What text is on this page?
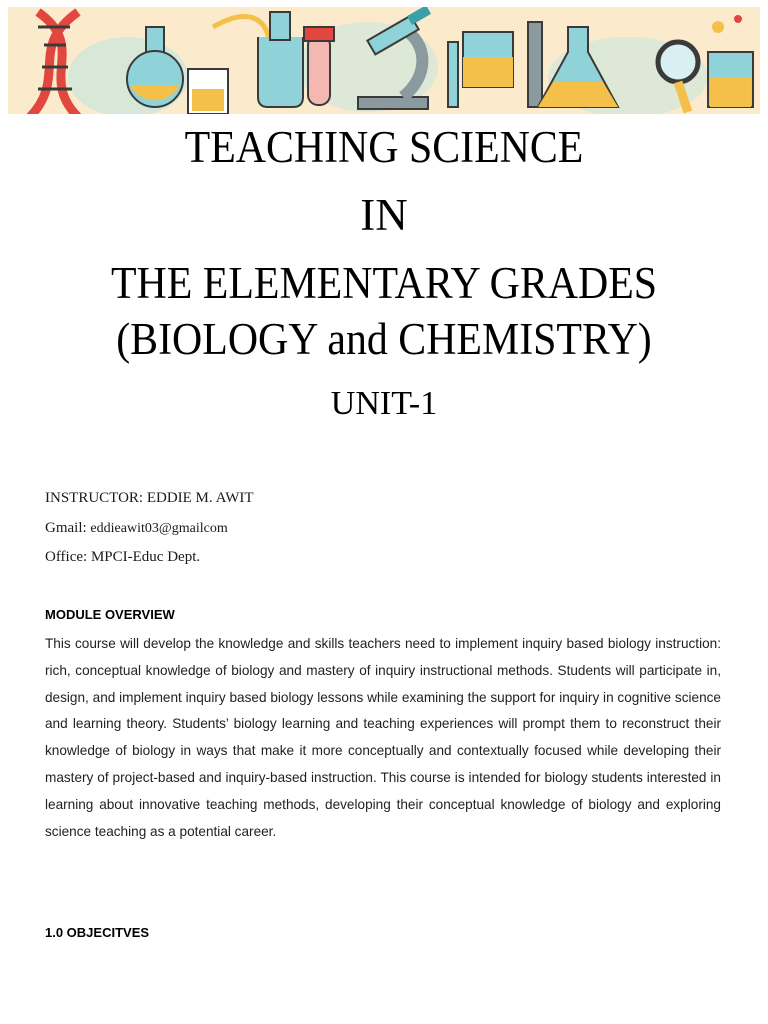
TEACHING SCIENCE
IN
THE ELEMENTARY GRADES
(BIOLOGY and CHEMISTRY)
UNIT-1
INSTRUCTOR: EDDIE M. AWIT
Gmail: eddieawit03@gmailcom
Office: MPCI-Educ Dept.
MODULE OVERVIEW

This course will develop the knowledge and skills teachers need to implement inquiry based biology instruction: rich, conceptual knowledge of biology and mastery of inquiry instructional methods. Students will participate in, design, and implement inquiry based biology lessons while examining the support for inquiry in cognitive science and learning theory. Students’ biology learning and teaching experiences will prompt them to reconstruct their knowledge of biology in ways that make it more conceptually and contextually focused while developing their mastery of project-based and inquiry-based instruction. This course is intended for biology students interested in learning about innovative teaching methods, developing their conceptual knowledge of biology and exploring science teaching as a potential career.

1.0 OBJECITVES
